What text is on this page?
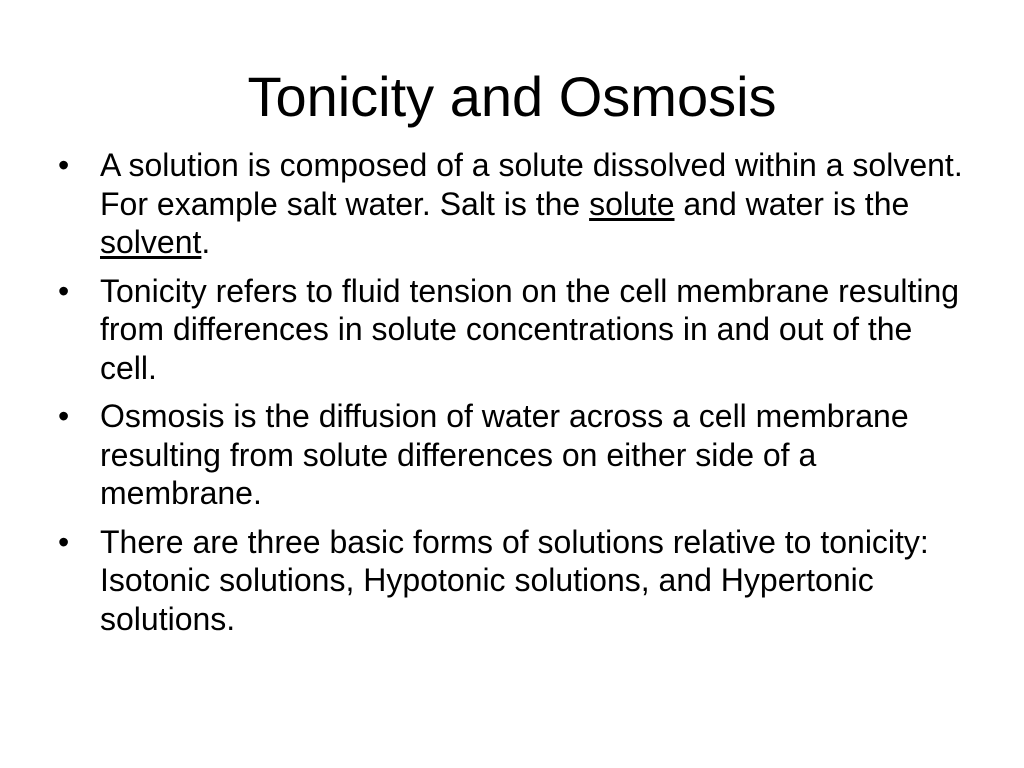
Tonicity and Osmosis
• A solution is composed of a solute dissolved within a solvent. For example salt water. Salt is the solute and water is the solvent.
• Tonicity refers to fluid tension on the cell membrane resulting from differences in solute concentrations in and out of the cell.
• Osmosis is the diffusion of water across a cell membrane resulting from solute differences on either side of a membrane.
• There are three basic forms of solutions relative to tonicity: Isotonic solutions, Hypotonic solutions, and Hypertonic solutions.
